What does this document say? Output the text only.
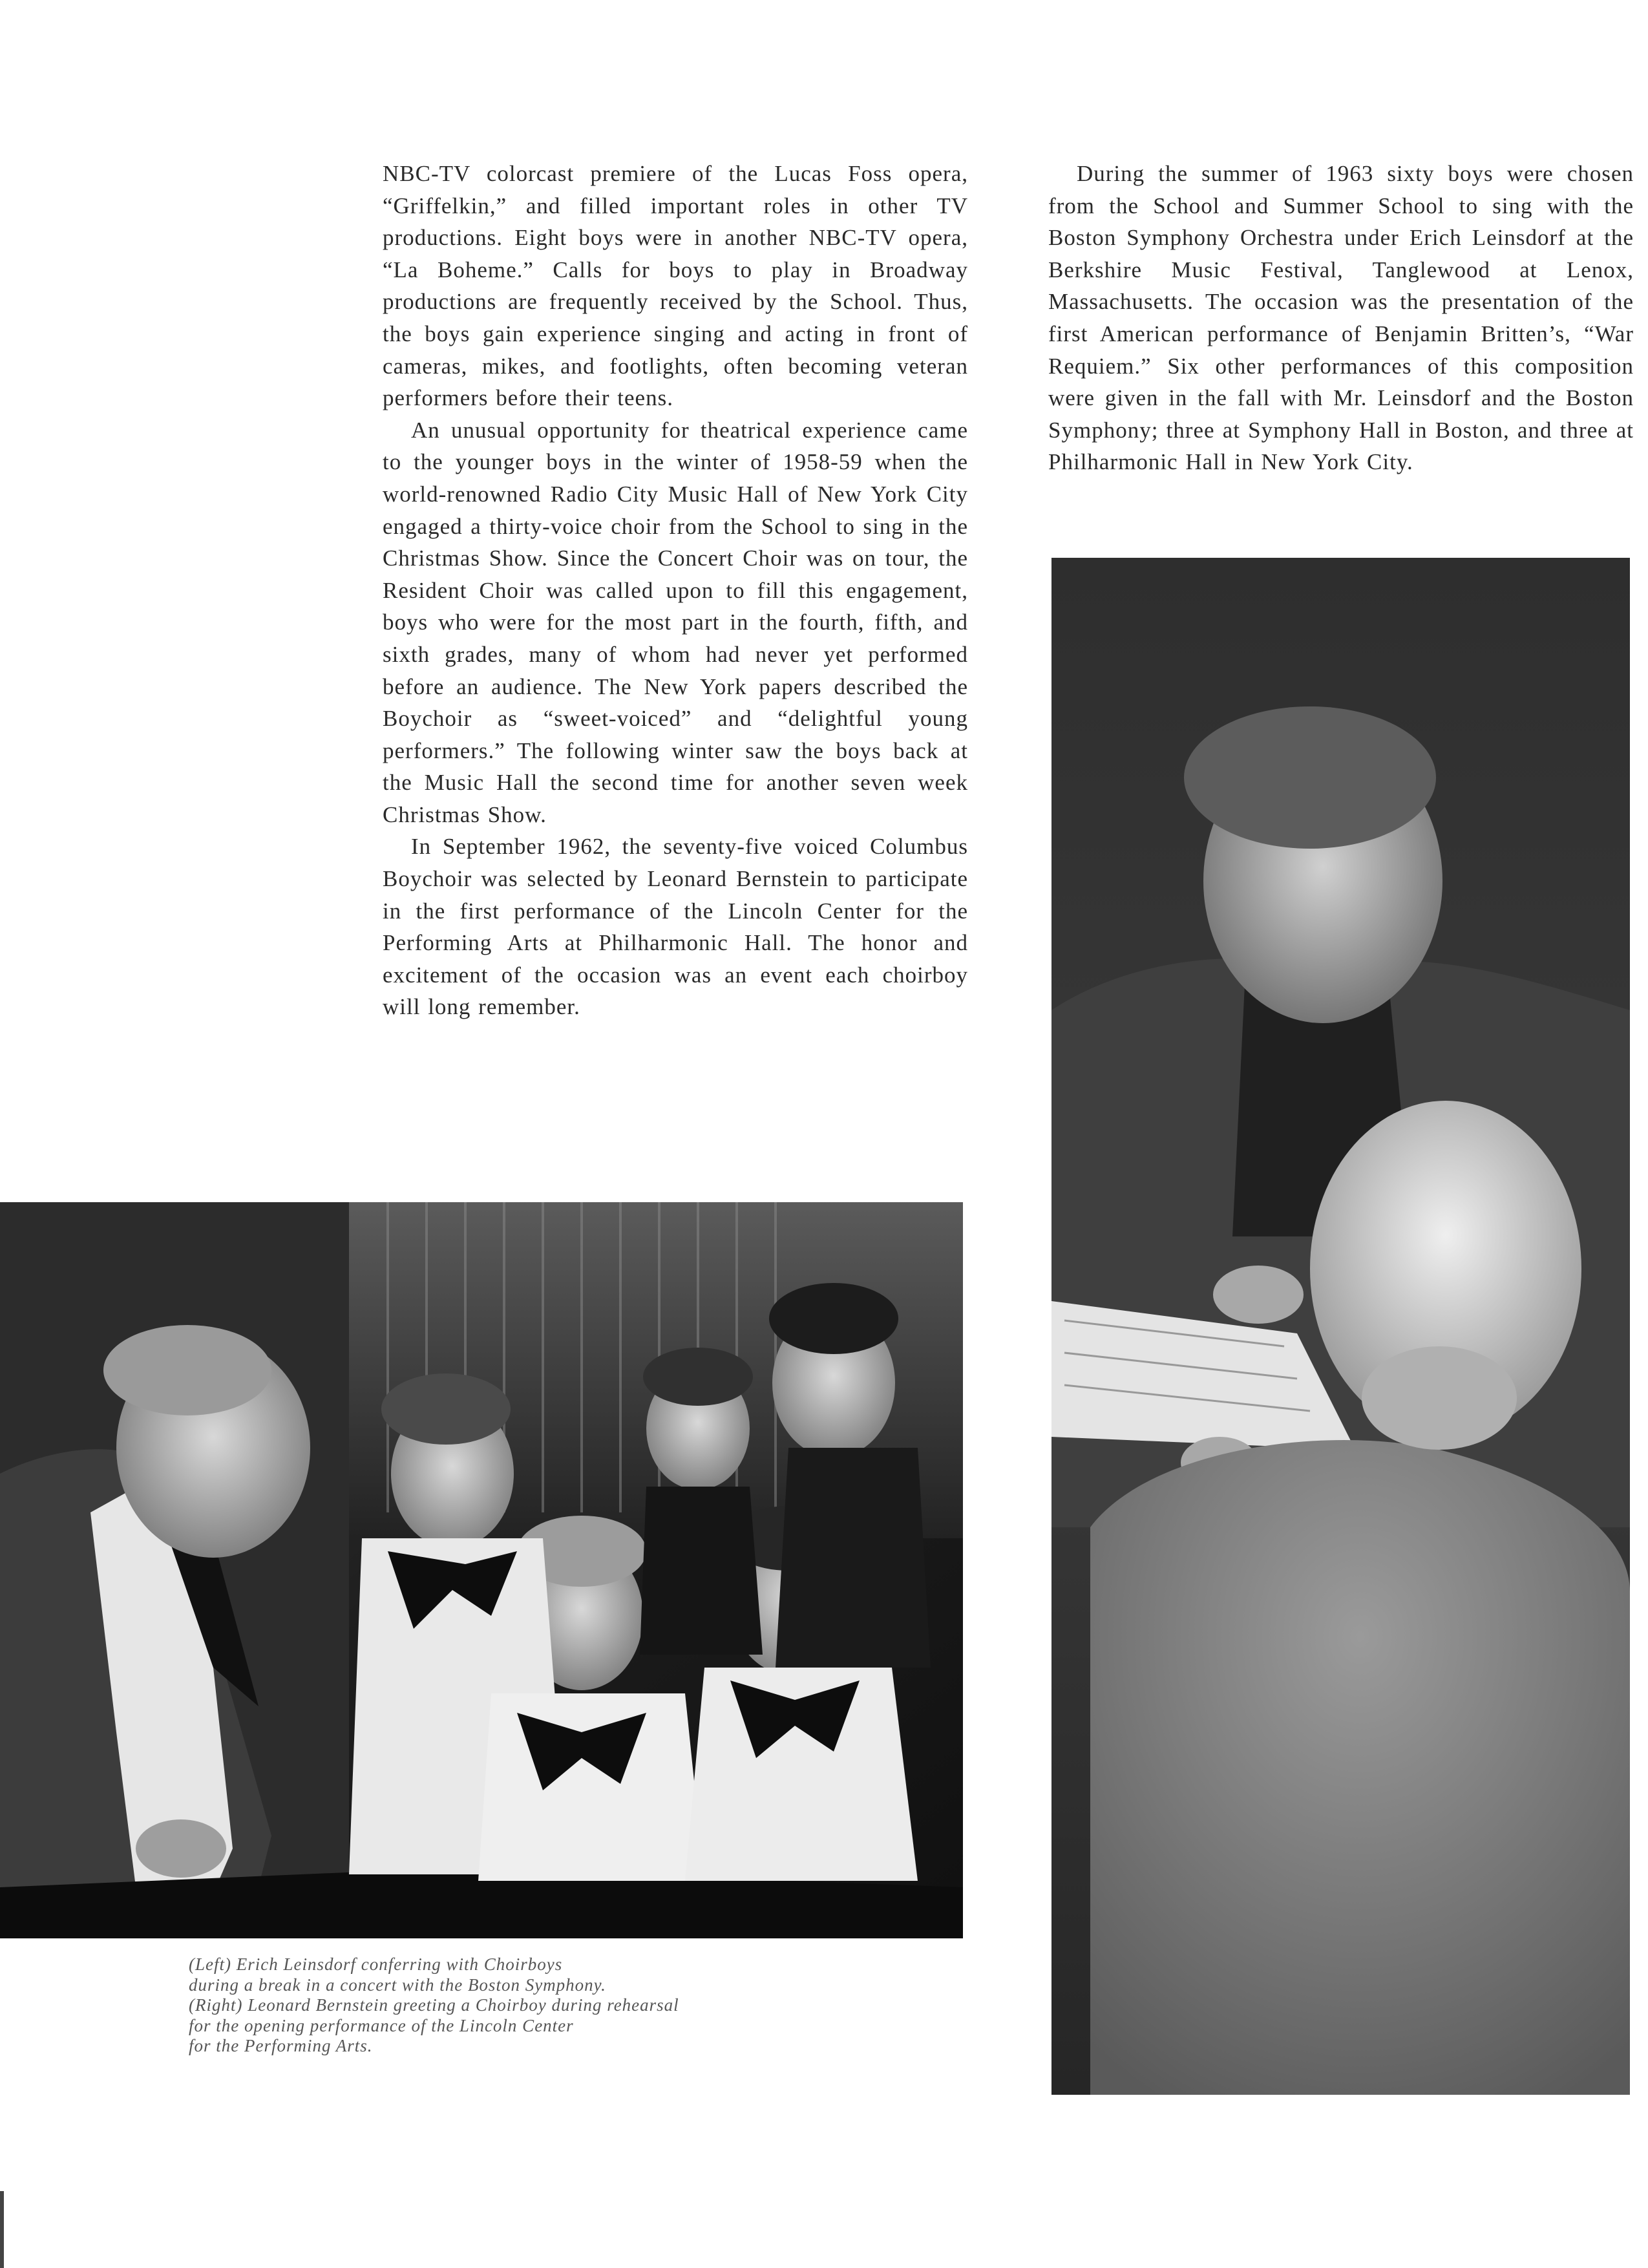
NBC-TV colorcast premiere of the Lucas Foss opera, “Griffelkin,” and filled important roles in other TV productions. Eight boys were in another NBC-TV opera, “La Boheme.” Calls for boys to play in Broadway productions are frequently received by the School. Thus, the boys gain experience singing and acting in front of cameras, mikes, and footlights, often becoming veteran performers before their teens.

An unusual opportunity for theatrical experience came to the younger boys in the winter of 1958-59 when the world-renowned Radio City Music Hall of New York City engaged a thirty-voice choir from the School to sing in the Christmas Show. Since the Concert Choir was on tour, the Resident Choir was called upon to fill this engagement, boys who were for the most part in the fourth, fifth, and sixth grades, many of whom had never yet performed before an audience. The New York papers described the Boychoir as “sweet-voiced” and “delightful young performers.” The following winter saw the boys back at the Music Hall the second time for another seven week Christmas Show.

In September 1962, the seventy-five voiced Columbus Boychoir was selected by Leonard Bernstein to participate in the first performance of the Lincoln Center for the Performing Arts at Philharmonic Hall. The honor and excitement of the occasion was an event each choirboy will long remember.

During the summer of 1963 sixty boys were chosen from the School and Summer School to sing with the Boston Symphony Orchestra under Erich Leinsdorf at the Berkshire Music Festival, Tanglewood at Lenox, Massachusetts. The occasion was the presentation of the first American performance of Benjamin Britten’s, “War Requiem.” Six other performances of this composition were given in the fall with Mr. Leinsdorf and the Boston Symphony; three at Symphony Hall in Boston, and three at Philharmonic Hall in New York City.

(Left) Erich Leinsdorf conferring with Choirboys
during a break in a concert with the Boston Symphony.
(Right) Leonard Bernstein greeting a Choirboy during rehearsal
for the opening performance of the Lincoln Center
for the Performing Arts.
